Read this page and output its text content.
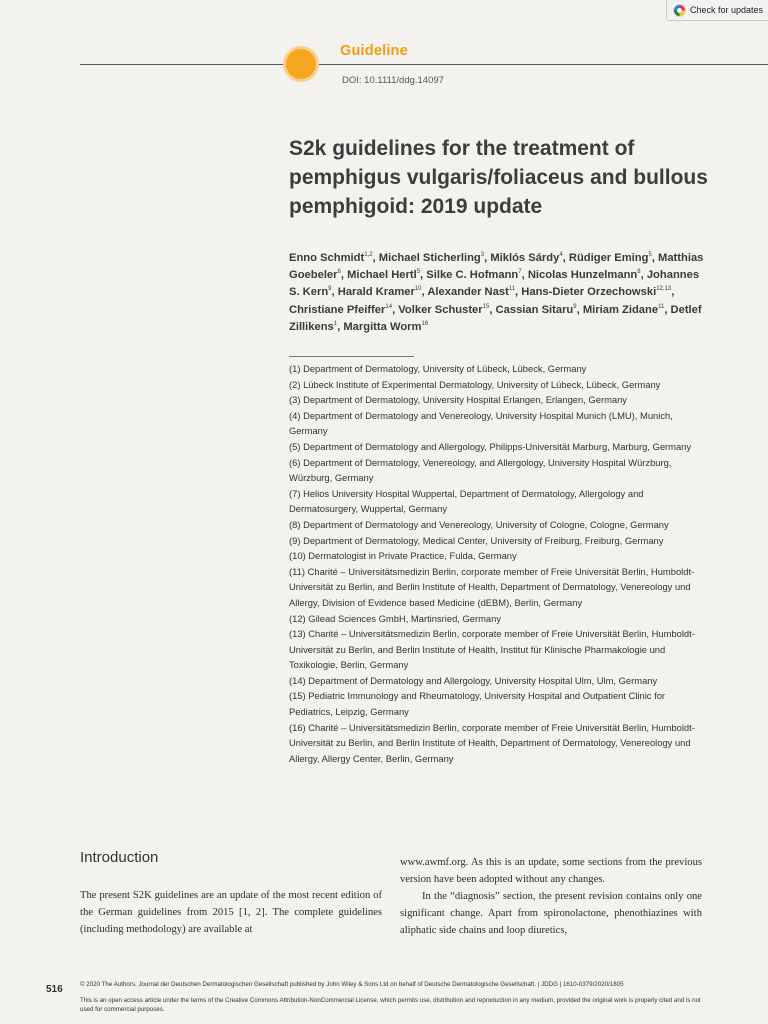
Check for updates
Guideline
DOI: 10.1111/ddg.14097
S2k guidelines for the treatment of pemphigus vulgaris/foliaceus and bullous pemphigoid: 2019 update

Enno Schmidt$^{1,2}$, Michael Sticherling$^3$, Miklós Sárdy$^4$, Rüdiger Eming$^5$, Matthias Goebeler$^6$, Michael Hertl$^5$, Silke C. Hofmann$^7$, Nicolas Hunzelmann$^8$, Johannes S. Kern$^9$, Harald Kramer$^{10}$, Alexander Nast$^{11}$, Hans-Dieter Orzechowski$^{12,13}$, Christiane Pfeiffer$^{14}$, Volker Schuster$^{15}$, Cassian Sitaru$^9$, Miriam Zidane$^{11}$, Detlef Zillikens$^1$, Margitta Worm$^{16}$

(1) Department of Dermatology, University of Lübeck, Lübeck, Germany
(2) Lübeck Institute of Experimental Dermatology, University of Lübeck, Lübeck, Germany
(3) Department of Dermatology, University Hospital Erlangen, Erlangen, Germany
(4) Department of Dermatology and Venereology, University Hospital Munich (LMU), Munich, Germany
(5) Department of Dermatology and Allergology, Philipps-Universität Marburg, Marburg, Germany
(6) Department of Dermatology, Venereology, and Allergology, University Hospital Würzburg, Würzburg, Germany
(7) Helios University Hospital Wuppertal, Department of Dermatology, Allergology and Dermatosurgery, Wuppertal, Germany
(8) Department of Dermatology and Venereology, University of Cologne, Cologne, Germany
(9) Department of Dermatology, Medical Center, University of Freiburg, Freiburg, Germany
(10) Dermatologist in Private Practice, Fulda, Germany
(11) Charité – Universitätsmedizin Berlin, corporate member of Freie Universität Berlin, Humboldt-Universität zu Berlin, and Berlin Institute of Health, Department of Dermatology, Venereology und Allergy, Division of Evidence based Medicine (dEBM), Berlin, Germany
(12) Gilead Sciences GmbH, Martinsried, Germany
(13) Charité – Universitätsmedizin Berlin, corporate member of Freie Universität Berlin, Humboldt-Universität zu Berlin, and Berlin Institute of Health, Institut für Klinische Pharmakologie und Toxikologie, Berlin, Germany
(14) Department of Dermatology and Allergology, University Hospital Ulm, Ulm, Germany
(15) Pediatric Immunology and Rheumatology, University Hospital and Outpatient Clinic for Pediatrics, Leipzig, Germany
(16) Charité – Universitätsmedizin Berlin, corporate member of Freie Universität Berlin, Humboldt-Universität zu Berlin, and Berlin Institute of Health, Department of Dermatology, Venereology und Allergy, Allergy Center, Berlin, Germany
Introduction

The present S2K guidelines are an update of the most recent edition of the German guidelines from 2015 [1, 2]. The complete guidelines (including methodology) are available at

www.awmf.org. As this is an update, some sections from the previous version have been adopted without any changes.

In the “diagnosis” section, the present revision contains only one significant change. Apart from spironolactone, phenothiazines with aliphatic side chains and loop diuretics,

516	© 2020 The Authors. Journal der Deutschen Dermatologischen Gesellschaft published by John Wiley & Sons Ltd on behalf of Deutsche Dermatologische Gesellschaft. | JDDG | 1610-0379/2020/1805
This is an open access article under the terms of the Creative Commons Attribution-NonCommercial License, which permits use, distribution and reproduction in any medium, provided the original work is properly cited and is not used for commercial purposes.
